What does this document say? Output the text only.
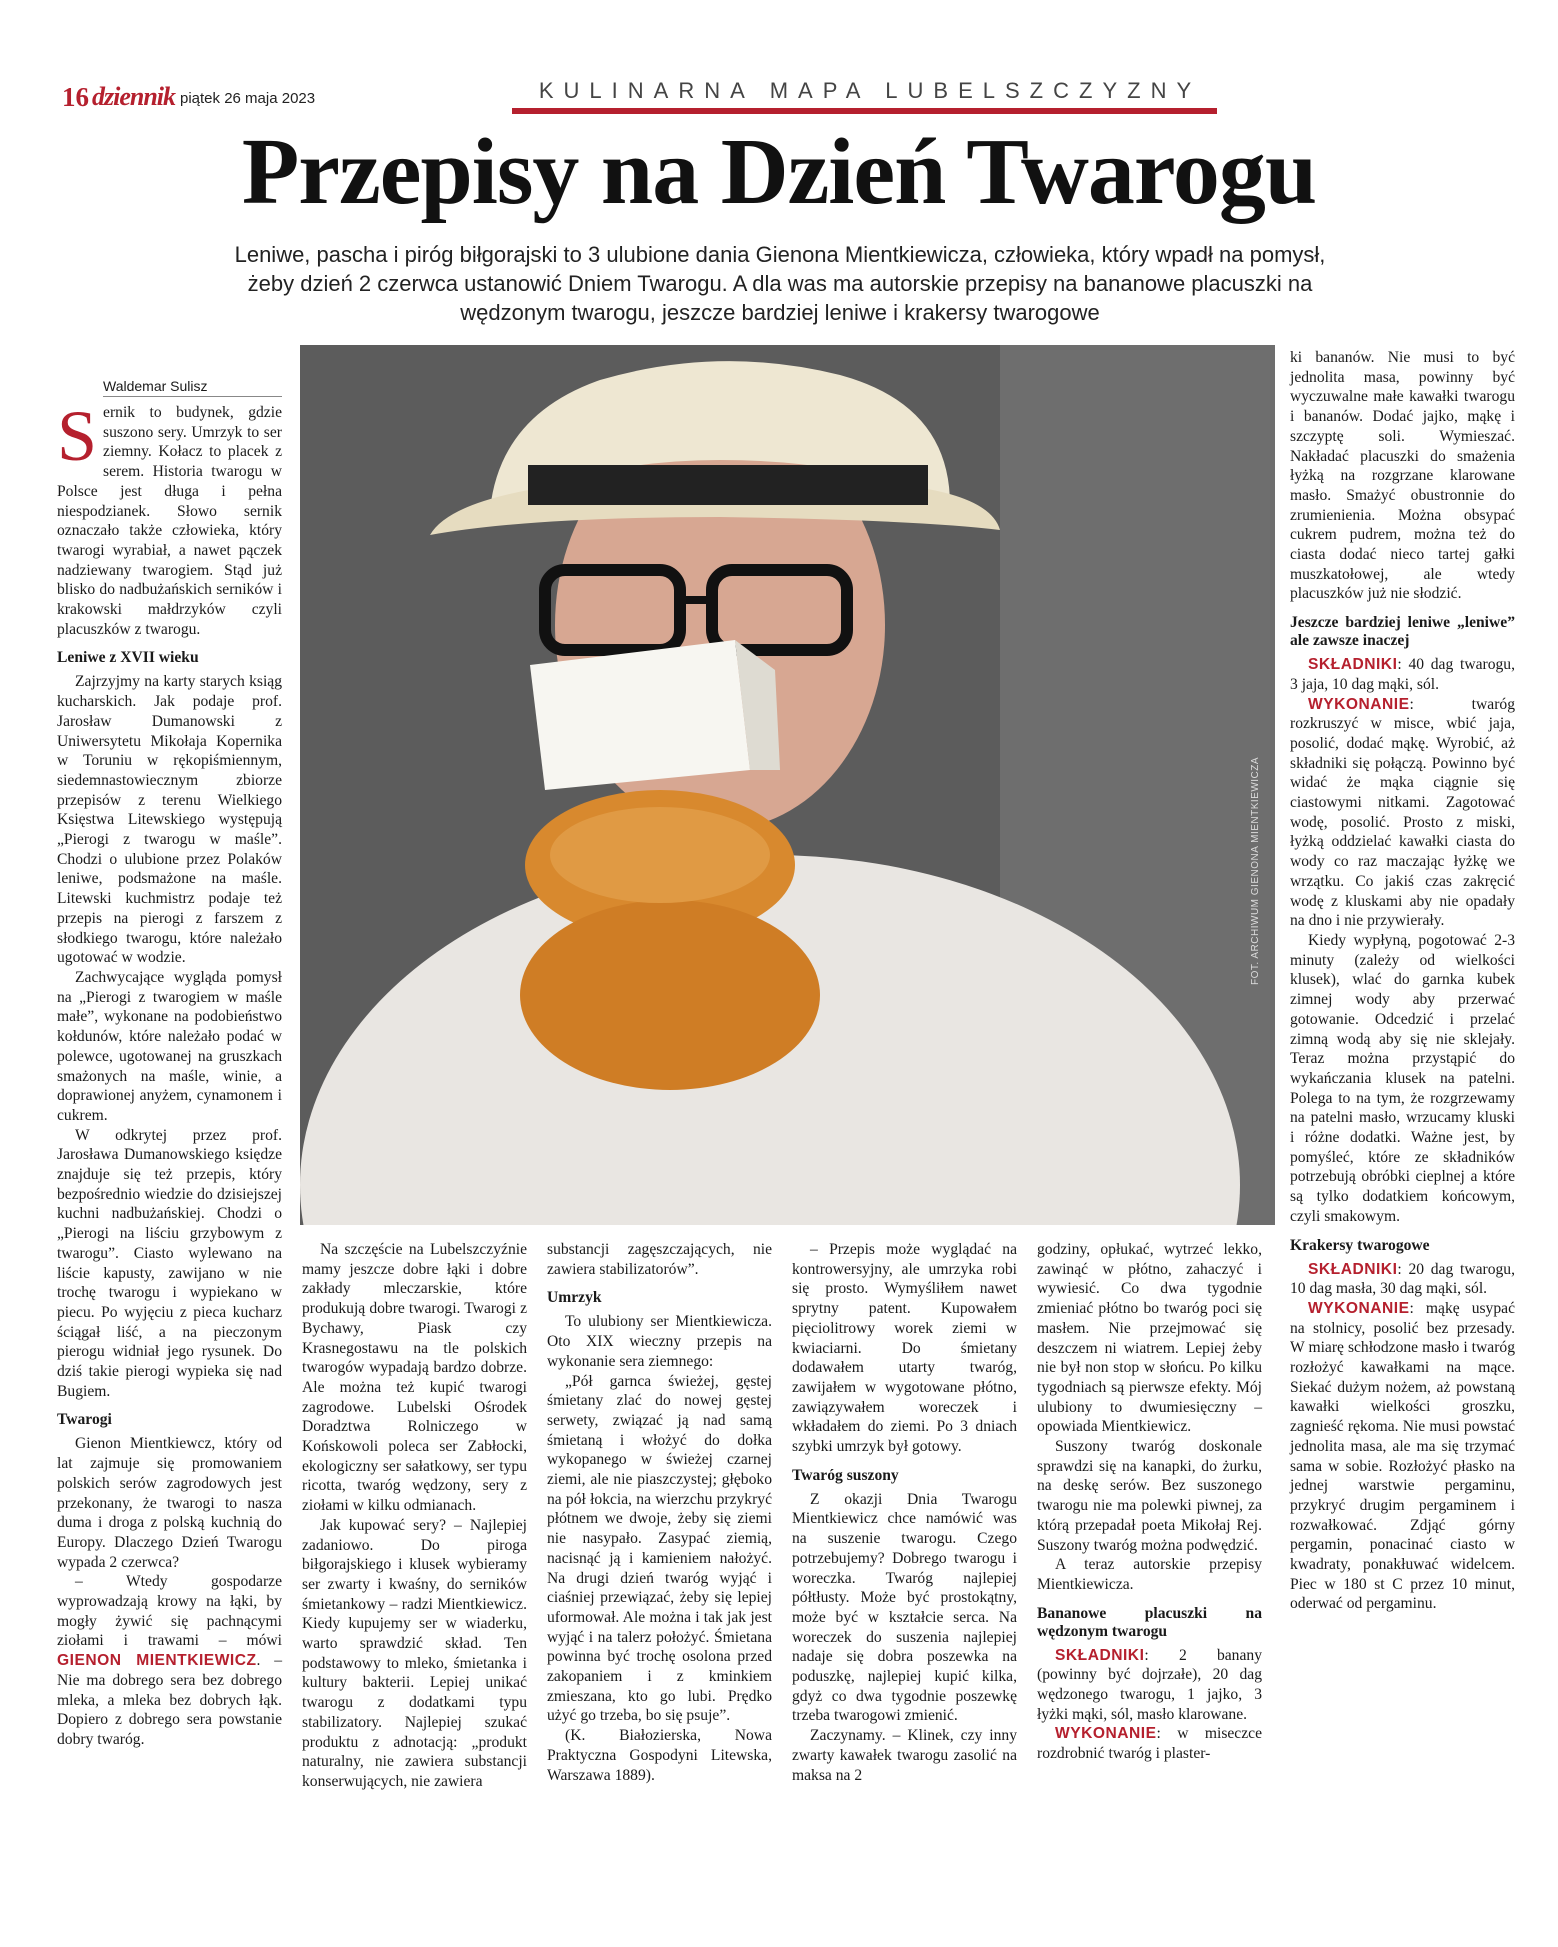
16 dziennik piątek 26 maja 2023	KULINARNA MAPA LUBELSZCZYZNY
Przepisy na Dzień Twarogu
Leniwe, pascha i piróg biłgorajski to 3 ulubione dania Gienona Mientkiewicza, człowieka, który wpadł na pomysł, żeby dzień 2 czerwca ustanowić Dniem Twarogu. A dla was ma autorskie przepisy na bananowe placuszki na wędzonym twarogu, jeszcze bardziej leniwe i krakersy twarogowe
FOT. ARCHIWUM GIENONA MIENTKIEWICZA
Waldemar Sulisz

Sernik to budynek, gdzie suszono sery. Umrzyk to ser ziemny. Kołacz to placek z serem. Historia twarogu w Polsce jest długa i pełna niespodzianek. Słowo sernik oznaczało także człowieka, który twarogi wyrabiał, a nawet pączek nadziewany twarogiem. Stąd już blisko do nadbużańskich serników i krakowski małdrzyków czyli placuszków z twarogu.

Leniwe z XVII wieku

Zajrzyjmy na karty starych ksiąg kucharskich. Jak podaje prof. Jarosław Dumanowski z Uniwersytetu Mikołaja Kopernika w Toruniu w rękopiśmiennym, siedemnastowiecznym zbiorze przepisów z terenu Wielkiego Księstwa Litewskiego występują „Pierogi z twarogu w maśle”. Chodzi o ulubione przez Polaków leniwe, podsmażone na maśle. Litewski kuchmistrz podaje też przepis na pierogi z farszem z słodkiego twarogu, które należało ugotować w wodzie.

Zachwycające wygląda pomysł na „Pierogi z twarogiem w maśle małe”, wykonane na podobieństwo kołdunów, które należało podać w polewce, ugotowanej na gruszkach smażonych na maśle, winie, a doprawionej anyżem, cynamonem i cukrem.

W odkrytej przez prof. Jarosława Dumanowskiego księdze znajduje się też przepis, który bezpośrednio wiedzie do dzisiejszej kuchni nadbużańskiej. Chodzi o „Pierogi na liściu grzybowym z twarogu”. Ciasto wylewano na liście kapusty, zawijano w nie trochę twarogu i wypiekano w piecu. Po wyjęciu z pieca kucharz ściągał liść, a na pieczonym pierogu widniał jego rysunek. Do dziś takie pierogi wypieka się nad Bugiem.

Twarogi

Gienon Mientkiewcz, który od lat zajmuje się promowaniem polskich serów zagrodowych jest przekonany, że twarogi to nasza duma i droga z polską kuchnią do Europy. Dlaczego Dzień Twarogu wypada 2 czerwca?

– Wtedy gospodarze wyprowadzają krowy na łąki, by mogły żywić się pachnącymi ziołami i trawami – mówi GIENON MIENTKIEWICZ. – Nie ma dobrego sera bez dobrego mleka, a mleka bez dobrych łąk. Dopiero z dobrego sera powstanie dobry twaróg.

Na szczęście na Lubelszczyźnie mamy jeszcze dobre łąki i dobre zakłady mleczarskie, które produkują dobre twarogi. Twarogi z Bychawy, Piask czy Krasnegostawu na tle polskich twarogów wypadają bardzo dobrze. Ale można też kupić twarogi zagrodowe. Lubelski Ośrodek Doradztwa Rolniczego w Końskowoli poleca ser Zabłocki, ekologiczny ser sałatkowy, ser typu ricotta, twaróg wędzony, sery z ziołami w kilku odmianach.

Jak kupować sery? – Najlepiej zadaniowo. Do piroga biłgorajskiego i klusek wybieramy ser zwarty i kwaśny, do serników śmietankowy – radzi Mientkiewicz. Kiedy kupujemy ser w wiaderku, warto sprawdzić skład. Ten podstawowy to mleko, śmietanka i kultury bakterii. Lepiej unikać twarogu z dodatkami typu stabilizatory. Najlepiej szukać produktu z adnotacją: „produkt naturalny, nie zawiera substancji konserwujących, nie zawiera

substancji zagęszczających, nie zawiera stabilizatorów”.

Umrzyk

To ulubiony ser Mientkiewicza. Oto XIX wieczny przepis na wykonanie sera ziemnego:

„Pół garnca świeżej, gęstej śmietany zlać do nowej gęstej serwety, związać ją nad samą śmietaną i włożyć do dołka wykopanego w świeżej czarnej ziemi, ale nie piaszczystej; głęboko na pół łokcia, na wierzchu przykryć płótnem we dwoje, żeby się ziemi nie nasypało. Zasypać ziemią, nacisnąć ją i kamieniem nałożyć. Na drugi dzień twaróg wyjąć i ciaśniej przewiązać, żeby się lepiej uformował. Ale można i tak jak jest wyjąć i na talerz położyć. Śmietana powinna być trochę osolona przed zakopaniem i z kminkiem zmieszana, kto go lubi. Prędko użyć go trzeba, bo się psuje”.

(K. Białozierska, Nowa Praktyczna Gospodyni Litewska, Warszawa 1889).

– Przepis może wyglądać na kontrowersyjny, ale umrzyka robi się prosto. Wymyśliłem nawet sprytny patent. Kupowałem pięciolitrowy worek ziemi w kwiaciarni. Do śmietany dodawałem utarty twaróg, zawijałem w wygotowane płótno, zawiązywałem woreczek i wkładałem do ziemi. Po 3 dniach szybki umrzyk był gotowy.

Twaróg suszony

Z okazji Dnia Twarogu Mientkiewicz chce namówić was na suszenie twarogu. Czego potrzebujemy? Dobrego twarogu i woreczka. Twaróg najlepiej półtłusty. Może być prostokątny, może być w kształcie serca. Na woreczek do suszenia najlepiej nadaje się dobra poszewka na poduszkę, najlepiej kupić kilka, gdyż co dwa tygodnie poszewkę trzeba twarogowi zmienić.

Zaczynamy. – Klinek, czy inny zwarty kawałek twarogu zasolić na maksa na 2

godziny, opłukać, wytrzeć lekko, zawinąć w płótno, zahaczyć i wywiesić. Co dwa tygodnie zmieniać płótno bo twaróg poci się masłem. Nie przejmować się deszczem ni wiatrem. Lepiej żeby nie był non stop w słońcu. Po kilku tygodniach są pierwsze efekty. Mój ulubiony to dwumiesięczny – opowiada Mientkiewicz.

Suszony twaróg doskonale sprawdzi się na kanapki, do żurku, na deskę serów. Bez suszonego twarogu nie ma polewki piwnej, za którą przepadał poeta Mikołaj Rej. Suszony twaróg można podwędzić.

A teraz autorskie przepisy Mientkiewicza.

Bananowe placuszki na wędzonym twarogu

SKŁADNIKI: 2 banany (powinny być dojrzałe), 20 dag wędzonego twarogu, 1 jajko, 3 łyżki mąki, sól, masło klarowane.

WYKONANIE: w miseczce rozdrobnić twaróg i plaster-

ki bananów. Nie musi to być jednolita masa, powinny być wyczuwalne małe kawałki twarogu i bananów. Dodać jajko, mąkę i szczyptę soli. Wymieszać. Nakładać placuszki do smażenia łyżką na rozgrzane klarowane masło. Smażyć obustronnie do zrumienienia. Można obsypać cukrem pudrem, można też do ciasta dodać nieco tartej gałki muszkatołowej, ale wtedy placuszków już nie słodzić.

Jeszcze bardziej leniwe „leniwe” ale zawsze inaczej

SKŁADNIKI: 40 dag twarogu, 3 jaja, 10 dag mąki, sól.

WYKONANIE: twaróg rozkruszyć w misce, wbić jaja, posolić, dodać mąkę. Wyrobić, aż składniki się połączą. Powinno być widać że mąka ciągnie się ciastowymi nitkami. Zagotować wodę, posolić. Prosto z miski, łyżką oddzielać kawałki ciasta do wody co raz maczając łyżkę we wrzątku. Co jakiś czas zakręcić wodę z kluskami aby nie opadały na dno i nie przywierały.

Kiedy wypłyną, pogotować 2-3 minuty (zależy od wielkości klusek), wlać do garnka kubek zimnej wody aby przerwać gotowanie. Odcedzić i przelać zimną wodą aby się nie sklejały. Teraz można przystąpić do wykańczania klusek na patelni. Polega to na tym, że rozgrzewamy na patelni masło, wrzucamy kluski i różne dodatki. Ważne jest, by pomyśleć, które ze składników potrzebują obróbki cieplnej a które są tylko dodatkiem końcowym, czyli smakowym.

Krakersy twarogowe

SKŁADNIKI: 20 dag twarogu, 10 dag masła, 30 dag mąki, sól.

WYKONANIE: mąkę usypać na stolnicy, posolić bez przesady. W miarę schłodzone masło i twaróg rozłożyć kawałkami na mące. Siekać dużym nożem, aż powstaną kawałki wielkości groszku, zagnieść rękoma. Nie musi powstać jednolita masa, ale ma się trzymać sama w sobie. Rozłożyć płasko na jednej warstwie pergaminu, przykryć drugim pergaminem i rozwałkować. Zdjąć górny pergamin, ponacinać ciasto w kwadraty, ponakłuwać widelcem. Piec w 180 st C przez 10 minut, oderwać od pergaminu.
